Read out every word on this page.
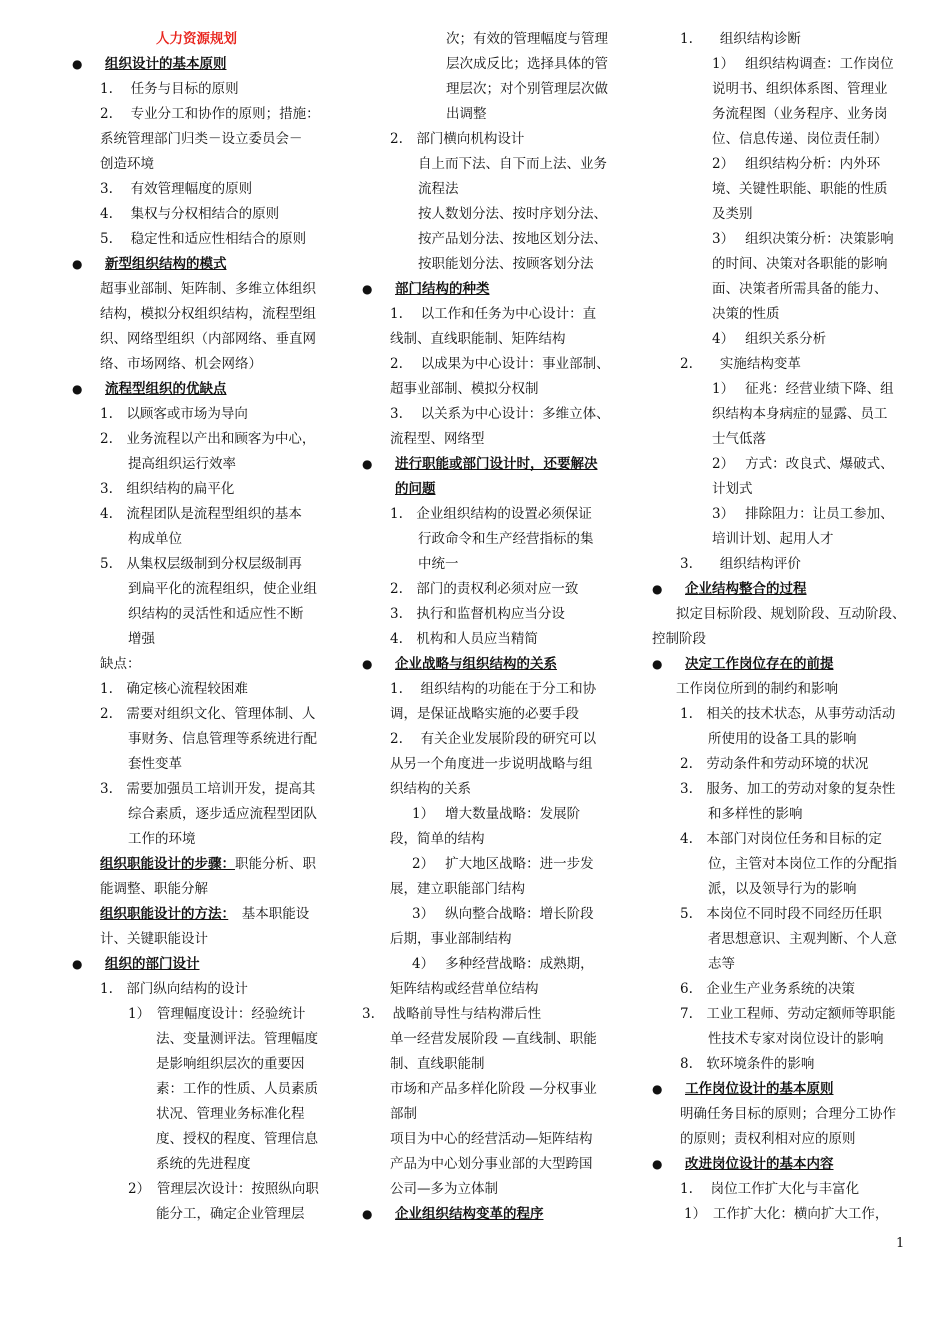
人力资源规划
● 组织设计的基本原则
1.　 任务与目标的原则
2.　 专业分工和协作的原则；措施：
系统管理部门归类－设立委员会－
创造环境
3.　 有效管理幅度的原则
4.　 集权与分权相结合的原则
5.　 稳定性和适应性相结合的原则
● 新型组织结构的模式
超事业部制、矩阵制、多维立体组织
结构，模拟分权组织结构，流程型组
织、网络型组织（内部网络、垂直网
络、市场网络、机会网络）
● 流程型组织的优缺点
1.　以顾客或市场为导向
2.　业务流程以产出和顾客为中心，
提高组织运行效率
3.　组织结构的扁平化
4.　流程团队是流程型组织的基本
构成单位
5.　从集权层级制到分权层级制再
到扁平化的流程组织，使企业组
织结构的灵活性和适应性不断
增强
缺点：
1.　确定核心流程较困难
2.　需要对组织文化、管理体制、人
事财务、信息管理等系统进行配
套性变革
3.　需要加强员工培训开发，提高其
综合素质，逐步适应流程型团队
工作的环境
组织职能设计的步骤：职能分析、职
能调整、职能分解
组织职能设计的方法：　基本职能设
计、关键职能设计
● 组织的部门设计
1.　部门纵向结构的设计
1）　管理幅度设计：经验统计
法、变量测评法。管理幅度
是影响组织层次的重要因
素：工作的性质、人员素质
状况、管理业务标准化程
度、授权的程度、管理信息
系统的先进程度
2）　管理层次设计：按照纵向职
能分工，确定企业管理层
次；有效的管理幅度与管理
层次成反比；选择具体的管
理层次；对个别管理层次做
出调整
2.　部门横向机构设计
自上而下法、自下而上法、业务
流程法
按人数划分法、按时序划分法、
按产品划分法、按地区划分法、
按职能划分法、按顾客划分法
● 部门结构的种类
1.　 以工作和任务为中心设计：直
线制、直线职能制、矩阵结构
2.　 以成果为中心设计：事业部制、
超事业部制、模拟分权制
3.　 以关系为中心设计：多维立体、
流程型、网络型
● 进行职能或部门设计时，还要解决
的问题
1.　企业组织结构的设置必须保证
行政命令和生产经营指标的集
中统一
2.　部门的责权利必须对应一致
3.　执行和监督机构应当分设
4.　机构和人员应当精简
● 企业战略与组织结构的关系
1.　 组织结构的功能在于分工和协
调，是保证战略实施的必要手段
2.　 有关企业发展阶段的研究可以
从另一个角度进一步说明战略与组
织结构的关系
1）　 增大数量战略：发展阶
段，简单的结构
2）　 扩大地区战略：进一步发
展，建立职能部门结构
3）　 纵向整合战略：增长阶段
后期，事业部制结构
4）　 多种经营战略：成熟期，
矩阵结构或经营单位结构
3.　 战略前导性与结构滞后性
单一经营发展阶段 —直线制、职能
制、直线职能制
市场和产品多样化阶段 —分权事业
部制
项目为中心的经营活动—矩阵结构
产品为中心划分事业部的大型跨国
公司—多为立体制
● 企业组织结构变革的程序
1.　　组织结构诊断
1）　 组织结构调查：工作岗位
说明书、组织体系图、管理业
务流程图（业务程序、业务岗
位、信息传递、岗位责任制）
2）　 组织结构分析：内外环
境、关键性职能、职能的性质
及类别
3）　 组织决策分析：决策影响
的时间、决策对各职能的影响
面、决策者所需具备的能力、
决策的性质
4）　 组织关系分析
2.　　实施结构变革
1）　 征兆：经营业绩下降、组
织结构本身病症的显露、员工
士气低落
2）　 方式：改良式、爆破式、
计划式
3）　 排除阻力：让员工参加、
培训计划、起用人才
3.　　组织结构评价
● 企业结构整合的过程
拟定目标阶段、规划阶段、互动阶段、
控制阶段
● 决定工作岗位存在的前提
工作岗位所到的制约和影响
1.　相关的技术状态，从事劳动活动
所使用的设备工具的影响
2.　劳动条件和劳动环境的状况
3.　服务、加工的劳动对象的复杂性
和多样性的影响
4.　本部门对岗位任务和目标的定
位，主管对本岗位工作的分配指
派，以及领导行为的影响
5.　本岗位不同时段不同经历任职
者思想意识、主观判断、个人意
志等
6.　企业生产业务系统的决策
7.　工业工程师、劳动定额师等职能
性技术专家对岗位设计的影响
8.　软环境条件的影响
● 工作岗位设计的基本原则
明确任务目标的原则；合理分工协作
的原则；责权利相对应的原则
● 改进岗位设计的基本内容
1.　 岗位工作扩大化与丰富化
1）　工作扩大化：横向扩大工作，
1
